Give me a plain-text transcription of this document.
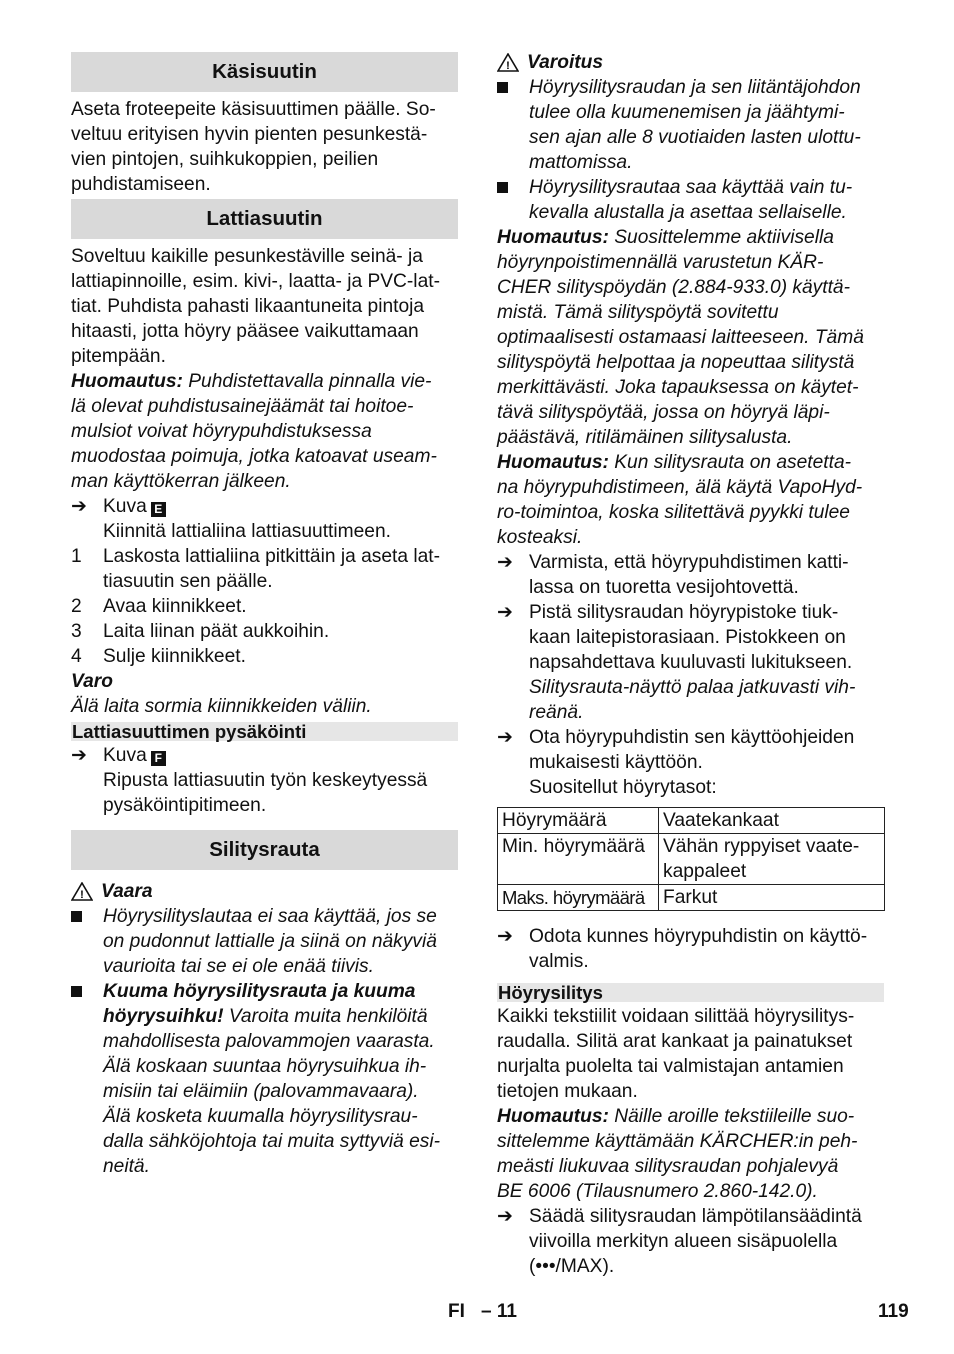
Käsisuutin

Aseta froteepeite käsisuuttimen päälle. So-

veltuu erityisen hyvin pienten pesunkestä-

vien pintojen, suihkukoppien, peilien

puhdistamiseen.

Lattiasuutin

Soveltuu kaikille pesunkestäville seinä- ja

lattiapinnoille, esim. kivi-, laatta- ja PVC-lat-

tiat. Puhdista pahasti likaantuneita pintoja

hitaasti, jotta höyry pääsee vaikuttamaan

pitempään.

Huomautus: Puhdistettavalla pinnalla vie-

lä olevat puhdistusainejäämät tai hoitoe-

mulsiot voivat höyrypuhdistuksessa

muodostaa poimuja, jotka katoavat useam-

man käyttökerran jälkeen.

➔ Kuva E

Kiinnitä lattialiina lattiasuuttimeen.

1	Laskosta lattialiina pitkittäin ja aseta lat-

tiasuutin sen päälle.

2	Avaa kiinnikkeet.

3	Laita liinan päät aukkoihin.

4	Sulje kiinnikkeet.

Varo

Älä laita sormia kiinnikkeiden väliin.

Lattiasuuttimen pysäköinti
➔ Kuva F

Ripusta lattiasuutin työn keskeytyessä

pysäköintipitimeen.

Silitysrauta
! Vaara

Höyrysilityslautaa ei saa käyttää, jos se

on pudonnut lattialle ja siinä on näkyviä

vaurioita tai se ei ole enää tiivis.

Kuuma höyrysilitysrauta ja kuuma

höyrysuihku! Varoita muita henkilöitä

mahdollisesta palovammojen vaarasta.

Älä koskaan suuntaa höyrysuihkua ih-

misiin tai eläimiin (palovammavaara).

Älä kosketa kuumalla höyrysilitysrau-

dalla sähköjohtoja tai muita syttyviä esi-

neitä.

! Varoitus

Höyrysilitysraudan ja sen liitäntäjohdon

tulee olla kuumenemisen ja jäähtymi-

sen ajan alle 8 vuotiaiden lasten ulottu-

mattomissa.

Höyrysilitysrautaa saa käyttää vain tu-

kevalla alustalla ja asettaa sellaiselle.

Huomautus: Suosittelemme aktiivisella

höyrynpoistimennällä varustetun KÄR-

CHER silityspöydän (2.884-933.0) käyttä-

mistä. Tämä silityspöytä sovitettu

optimaalisesti ostamaasi laitteeseen. Tämä

silityspöytä helpottaa ja nopeuttaa silitystä

merkittävästi. Joka tapauksessa on käytet-

tävä silityspöytää, jossa on höyryä läpi-

päästävä, ritilämäinen silitysalusta.

Huomautus: Kun silitysrauta on asetetta-

na höyrypuhdistimeen, älä käytä VapoHyd-

ro-toimintoa, koska silitettävä pyykki tulee

kosteaksi.

➔ Varmista, että höyrypuhdistimen katti-

lassa on tuoretta vesijohtovettä.

➔ Pistä silitysraudan höyrypistoke tiuk-

kaan laitepistorasiaan. Pistokkeen on

napsahdettava kuuluvasti lukitukseen.

Silitysrauta-näyttö palaa jatkuvasti vih-

reänä.

➔ Ota höyrypuhdistin sen käyttöohjeiden

mukaisesti käyttöön.

Suositellut höyrytasot:

Höyrymäärä	Vaatekankaat
Min. höyrymäärä	Vähän ryppyiset vaate-

kappaleet

Maks. höyrymäärä	Farkut

➔ Odota kunnes höyrypuhdistin on käyttö-

valmis.

Höyrysilitys

Kaikki tekstiilit voidaan silittää höyrysilitys-

raudalla. Silitä arat kankaat ja painatukset

nurjalta puolelta tai valmistajan antamien

tietojen mukaan.

Huomautus: Näille aroille tekstiileille suo-

sittelemme käyttämään KÄRCHER:in peh-

meästi liukuvaa silitysraudan pohjalevyä

BE 6006 (Tilausnumero 2.860-142.0).

➔ Säädä silitysraudan lämpötilansäädintä

viivoilla merkityn alueen sisäpuolella

(•••/MAX).

FI – 11	119
